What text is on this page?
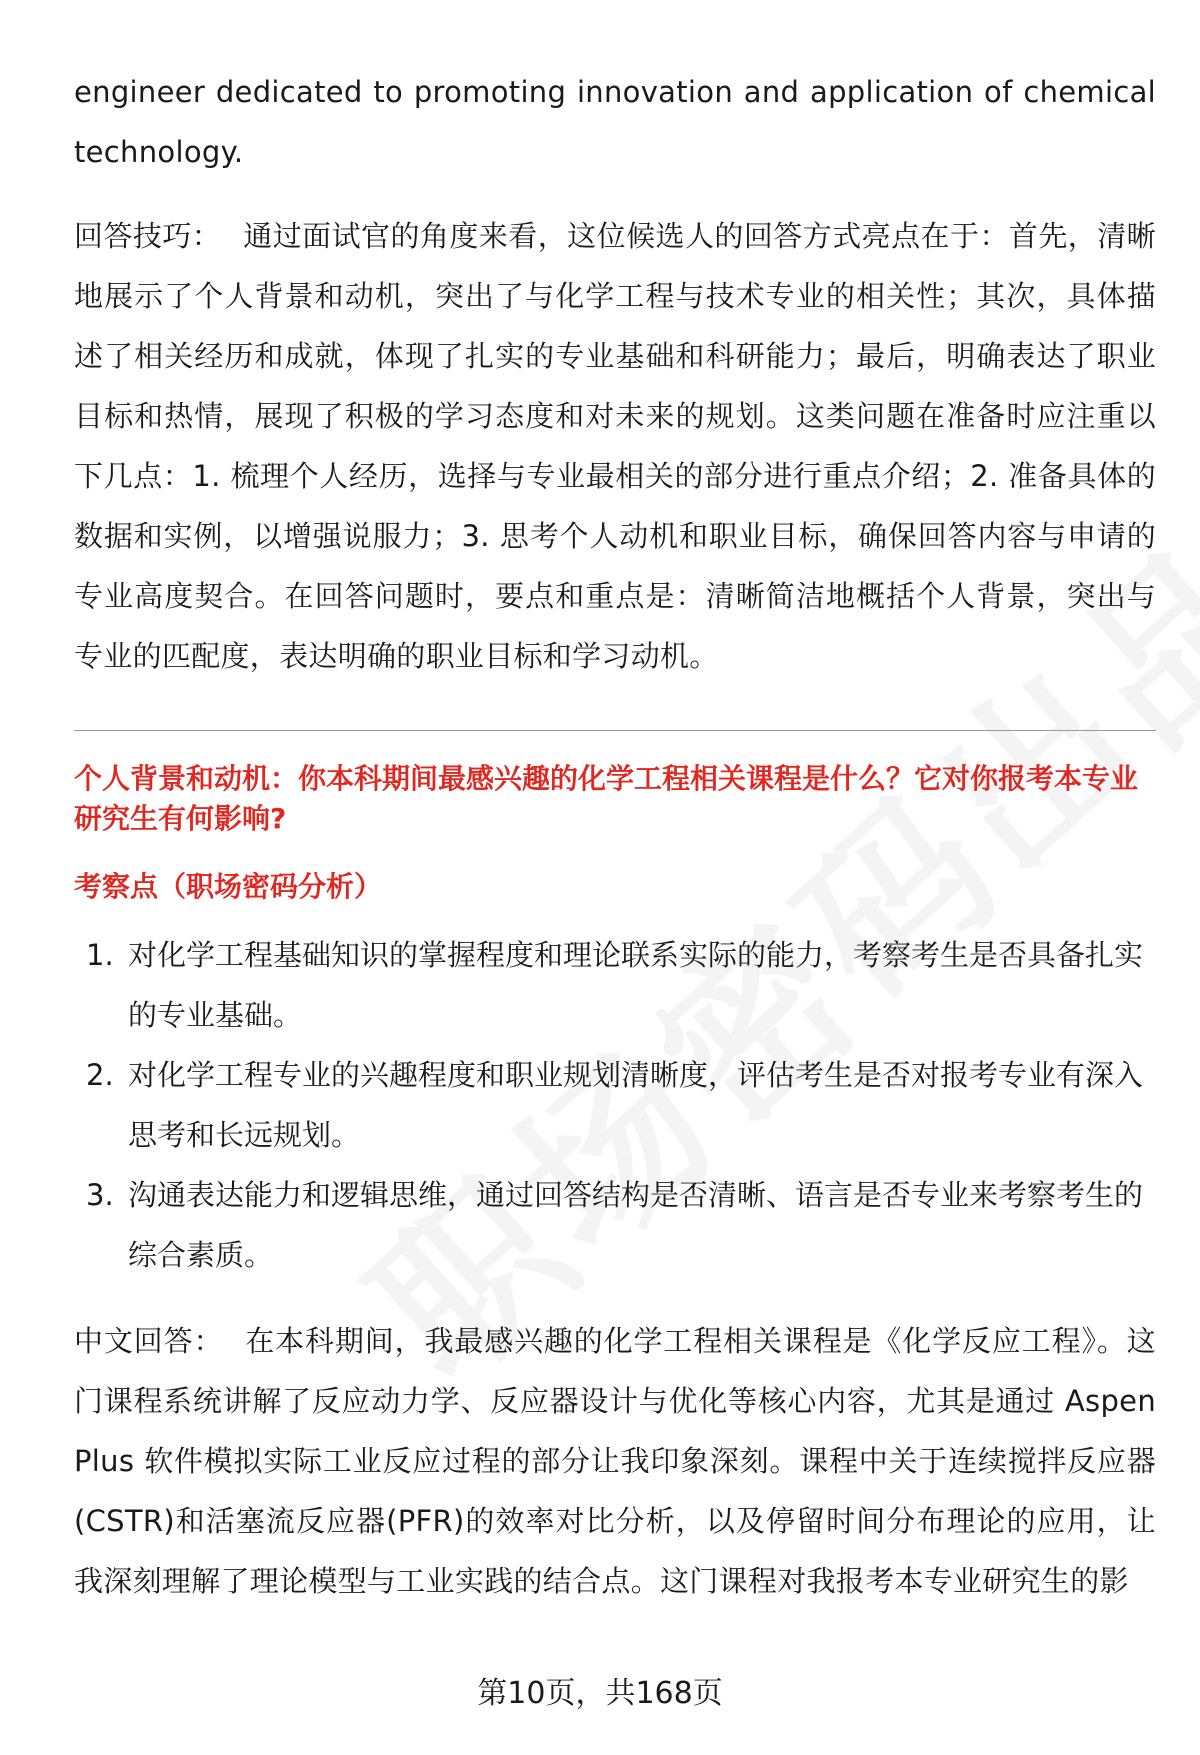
engineer dedicated to promoting innovation and application of chemical technology.

回答技巧： 通过面试官的角度来看，这位候选人的回答方式亮点在于：首先，清晰地展示了个人背景和动机，突出了与化学工程与技术专业的相关性；其次，具体描述了相关经历和成就，体现了扎实的专业基础和科研能力；最后，明确表达了职业目标和热情，展现了积极的学习态度和对未来的规划。这类问题在准备时应注重以下几点：1. 梳理个人经历，选择与专业最相关的部分进行重点介绍；2. 准备具体的数据和实例，以增强说服力；3. 思考个人动机和职业目标，确保回答内容与申请的专业高度契合。在回答问题时，要点和重点是：清晰简洁地概括个人背景，突出与专业的匹配度，表达明确的职业目标和学习动机。

个人背景和动机：你本科期间最感兴趣的化学工程相关课程是什么？它对你报考本专业研究生有何影响?

考察点（职场密码分析）

1. 对化学工程基础知识的掌握程度和理论联系实际的能力，考察考生是否具备扎实的专业基础。
2. 对化学工程专业的兴趣程度和职业规划清晰度，评估考生是否对报考专业有深入思考和长远规划。
3. 沟通表达能力和逻辑思维，通过回答结构是否清晰、语言是否专业来考察考生的综合素质。

中文回答： 在本科期间，我最感兴趣的化学工程相关课程是《化学反应工程》。这门课程系统讲解了反应动力学、反应器设计与优化等核心内容，尤其是通过 Aspen Plus 软件模拟实际工业反应过程的部分让我印象深刻。课程中关于连续搅拌反应器(CSTR)和活塞流反应器(PFR)的效率对比分析，以及停留时间分布理论的应用，让我深刻理解了理论模型与工业实践的结合点。这门课程对我报考本专业研究生的影

第10页，共168页
